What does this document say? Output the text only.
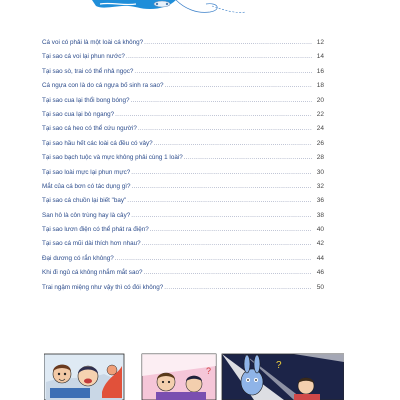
Cá voi có phải là một loài cá không? .....	12
Tại sao cá voi lại phun nước? .....	14
Tại sao sò, trai có thể nhả ngọc? .....	16
Cá ngựa con là do cá ngựa bố sinh ra sao? .....	18
Tại sao cua lại thổi bong bóng? .....	20
Tại sao cua lại bò ngang? .....	22
Tại sao cá heo có thể cứu người? .....	24
Tại sao hầu hết các loài cá đều có vảy? .....	26
Tại sao bạch tuộc và mực không phải cùng 1 loài? .....	28
Tại sao loài mực lại phun mực? .....	30
Mắt của cá bơn có tác dụng gì? .....	32
Tại sao cá chuồn lại biết "bay" .....	36
San hô là côn trùng hay là cây? .....	38
Tại sao lươn điện có thể phát ra điện? .....	40
Tại sao cá mũi dài thích hơn nhau? .....	42
Đại dương có rắn không? .....	44
Khi đi ngủ cá không nhắm mắt sao? .....	46
Trai ngậm miệng như vậy thì có đói không? .....	50
?	?
